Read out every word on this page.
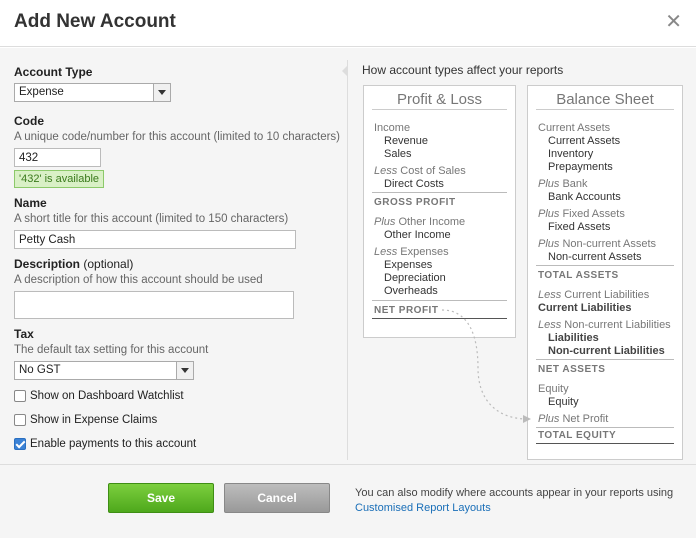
Add New Account	✕
Account Type
Expense
Code
A unique code/number for this account (limited to 10 characters)
432
'432' is available
Name
A short title for this account (limited to 150 characters)
Petty Cash
Description (optional)
A description of how this account should be used
Tax
The default tax setting for this account
No GST
Show on Dashboard Watchlist
Show in Expense Claims
Enable payments to this account
How account types affect your reports
Profit & Loss
Income
Revenue
Sales
Less Cost of Sales
Direct Costs
GROSS PROFIT
Plus Other Income
Other Income
Less Expenses
Expenses
Depreciation
Overheads
NET PROFIT
Balance Sheet
Current Assets
Current Assets
Inventory
Prepayments
Plus Bank
Bank Accounts
Plus Fixed Assets
Fixed Assets
Plus Non-current Assets
Non-current Assets
TOTAL ASSETS
Less Current Liabilities
Current Liabilities
Less Non-current Liabilities
Liabilities
Non-current Liabilities
NET ASSETS
Equity
Equity
Plus Net Profit
TOTAL EQUITY
Save	Cancel	You can also modify where accounts appear in your reports using Customised Report Layouts
